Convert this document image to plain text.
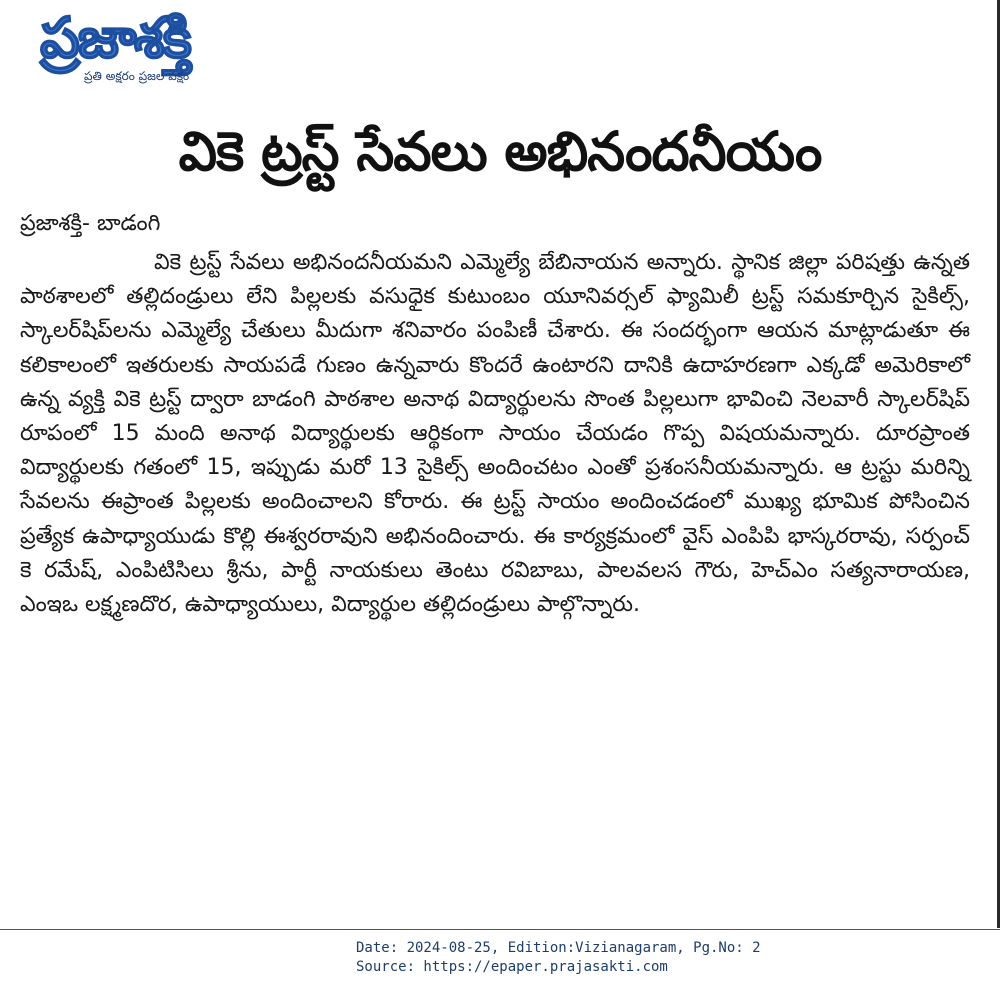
ప్రజాశక్తి
ప్రతి అక్షరం ప్రజల పక్షం
వికె ట్రస్ట్ సేవలు అభినందనీయం
ప్రజాశక్తి- బాడంగి

వికె ట్రస్ట్ సేవలు అభినందనీయమని ఎమ్మెల్యే బేబినాయన అన్నారు. స్థానిక జిల్లా పరిషత్తు ఉన్నత పాఠశాలలో తల్లిదండ్రులు లేని పిల్లలకు వసుధైక కుటుంబం యూనివర్సల్ ఫ్యామిలీ ట్రస్ట్ సమకూర్చిన సైకిల్స్, స్కాలర్‌షిప్‌లను ఎమ్మెల్యే చేతులు మీదుగా శనివారం పంపిణీ చేశారు. ఈ సందర్భంగా ఆయన మాట్లాడుతూ ఈ కలికాలంలో ఇతరులకు సాయపడే గుణం ఉన్నవారు కొందరే ఉంటారని దానికి ఉదాహరణగా ఎక్కడో అమెరికాలో ఉన్న వ్యక్తి వికె ట్రస్ట్ ద్వారా బాడంగి పాఠశాల అనాథ విద్యార్థులను సొంత పిల్లలుగా భావించి నెలవారీ స్కాలర్‌షిప్ రూపంలో 15 మంది అనాథ విద్యార్థులకు ఆర్థికంగా సాయం చేయడం గొప్ప విషయమన్నారు. దూరప్రాంత విద్యార్థులకు గతంలో 15, ఇప్పుడు మరో 13 సైకిల్స్ అందించటం ఎంతో ప్రశంసనీయమన్నారు. ఆ ట్రస్టు మరిన్ని సేవలను ఈప్రాంత పిల్లలకు అందించాలని కోరారు. ఈ ట్రస్ట్ సాయం అందించడంలో ముఖ్య భూమిక పోసించిన ప్రత్యేక ఉపాధ్యాయుడు కొల్లి ఈశ్వరరావుని అభినందించారు. ఈ కార్యక్రమంలో వైస్ ఎంపిపి భాస్కరరావు, సర్పంచ్ కె రమేష్, ఎంపిటిసిలు శ్రీను, పార్టీ నాయకులు తెంటు రవిబాబు, పాలవలస గౌరు, హెచ్ఎం సత్యనారాయణ, ఎంఇఒ లక్ష్మణదొర, ఉపాధ్యాయులు, విద్యార్థుల తల్లిదండ్రులు పాల్గొన్నారు.

Date: 2024-08-25, Edition:Vizianagaram, Pg.No: 2
Source: https://epaper.prajasakti.com
